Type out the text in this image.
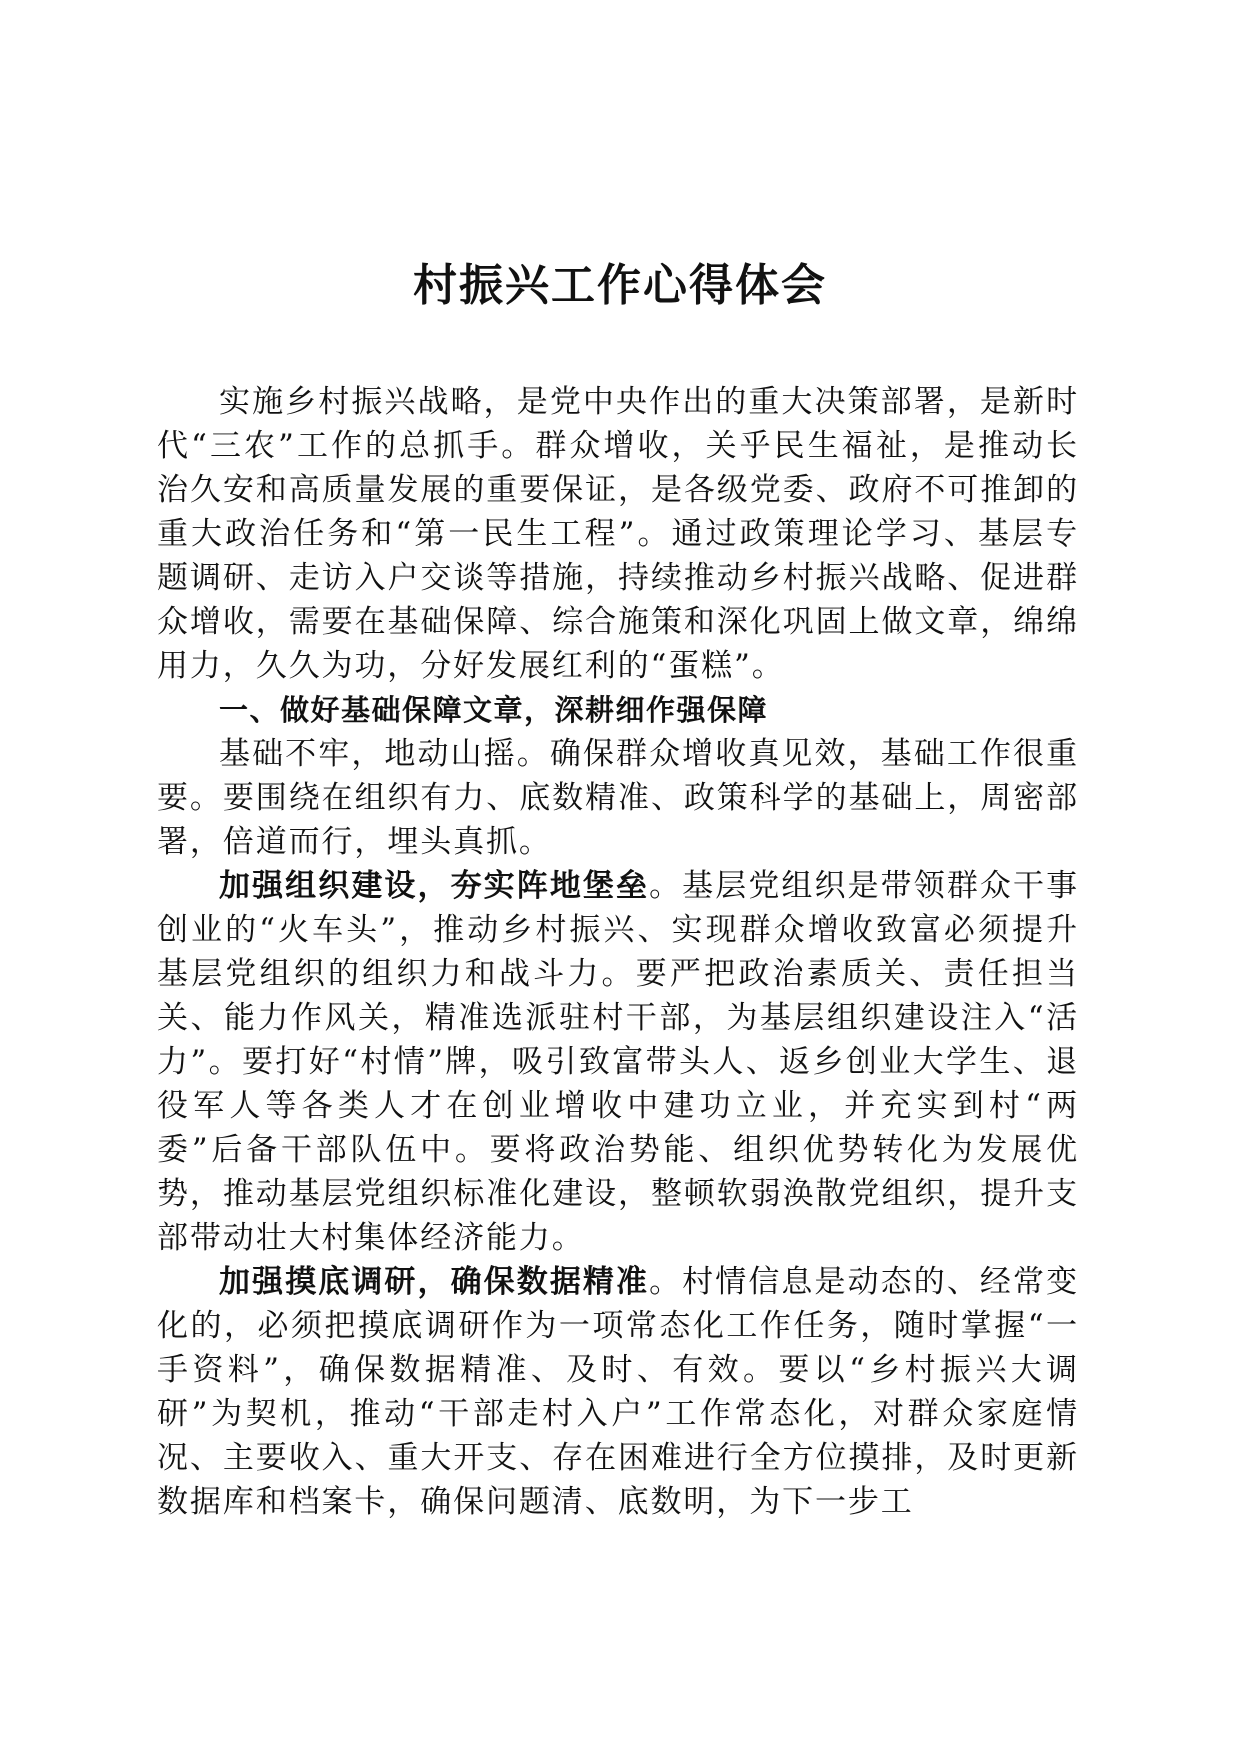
村振兴工作心得体会

实施乡村振兴战略，是党中央作出的重大决策部署，是新时代“三农”工作的总抓手。群众增收，关乎民生福祉，是推动长治久安和高质量发展的重要保证，是各级党委、政府不可推卸的重大政治任务和“第一民生工程”。通过政策理论学习、基层专题调研、走访入户交谈等措施，持续推动乡村振兴战略、促进群众增收，需要在基础保障、综合施策和深化巩固上做文章，绵绵用力，久久为功，分好发展红利的“蛋糕”。

一、做好基础保障文章，深耕细作强保障

基础不牢，地动山摇。确保群众增收真见效，基础工作很重要。要围绕在组织有力、底数精准、政策科学的基础上，周密部署，倍道而行，埋头真抓。

加强组织建设，夯实阵地堡垒。基层党组织是带领群众干事创业的“火车头”，推动乡村振兴、实现群众增收致富必须提升基层党组织的组织力和战斗力。要严把政治素质关、责任担当关、能力作风关，精准选派驻村干部，为基层组织建设注入“活力”。要打好“村情”牌，吸引致富带头人、返乡创业大学生、退役军人等各类人才在创业增收中建功立业，并充实到村“两委”后备干部队伍中。要将政治势能、组织优势转化为发展优势，推动基层党组织标准化建设，整顿软弱涣散党组织，提升支部带动壮大村集体经济能力。

加强摸底调研，确保数据精准。村情信息是动态的、经常变化的，必须把摸底调研作为一项常态化工作任务，随时掌握“一手资料”，确保数据精准、及时、有效。要以“乡村振兴大调研”为契机，推动“干部走村入户”工作常态化，对群众家庭情况、主要收入、重大开支、存在困难进行全方位摸排，及时更新数据库和档案卡，确保问题清、底数明，为下一步工
